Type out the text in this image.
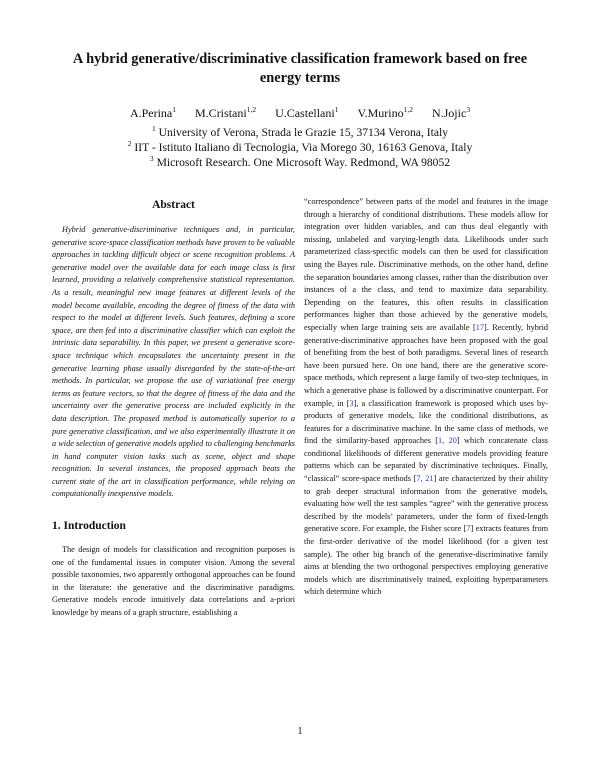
A hybrid generative/discriminative classification framework based on free energy terms
A.Perina$^1$ M.Cristani$^{1,2}$ U.Castellani$^1$ V.Murino$^{1,2}$ N.Jojic$^3$
$^1$ University of Verona, Strada le Grazie 15, 37134 Verona, Italy
$^2$ IIT - Istituto Italiano di Tecnologia, Via Morego 30, 16163 Genova, Italy
$^3$ Microsoft Research. One Microsoft Way. Redmond, WA 98052
Abstract

Hybrid generative-discriminative techniques and, in particular, generative score-space classification methods have proven to be valuable approaches in tackling difficult object or scene recognition problems. A generative model over the available data for each image class is first learned, providing a relatively comprehensive statistical representation. As a result, meaningful new image features at different levels of the model become available, encoding the degree of fitness of the data with respect to the model at different levels. Such features, defining a score space, are then fed into a discriminative classifier which can exploit the intrinsic data separability. In this paper, we present a generative score-space technique which encapsulates the uncertainty present in the generative learning phase usually disregarded by the state-of-the-art methods. In particular, we propose the use of variational free energy terms as feature vectors, so that the degree of fitness of the data and the uncertainty over the generative process are included explicitly in the data description. The proposed method is automatically superior to a pure generative classification, and we also experimentally illustrate it on a wide selection of generative models applied to challenging benchmarks in hand computer vision tasks such as scene, object and shape recognition. In several instances, the proposed approach beats the current state of the art in classification performance, while relying on computationally inexpensive models.

1. Introduction

The design of models for classification and recognition purposes is one of the fundamental issues in computer vision. Among the several possible taxonomies, two apparently orthogonal approaches can be found in the literature: the generative and the discriminative paradigms. Generative models encode intuitively data correlations and a-priori knowledge by means of a graph structure, establishing a

“correspondence” between parts of the model and features in the image through a hierarchy of conditional distributions. These models allow for integration over hidden variables, and can thus deal elegantly with missing, unlabeled and varying-length data. Likelihoods under such parameterized class-specific models can then be used for classification using the Bayes rule. Discriminative methods, on the other hand, define the separation boundaries among classes, rather than the distribution over instances of a the class, and tend to maximize data separability. Depending on the features, this often results in classification performances higher than those achieved by the generative models, especially when large training sets are available [17]. Recently, hybrid generative-discriminative approaches have been proposed with the goal of benefiting from the best of both paradigms. Several lines of research have been pursued here. On one hand, there are the generative score-space methods, which represent a large family of two-step techniques, in which a generative phase is followed by a discriminative counterpart. For example, in [3], a classification framework is proposed which uses by-products of generative models, like the conditional distributions, as features for a discriminative machine. In the same class of methods, we find the similarity-based approaches [1, 20] which concatenate class conditional likelihoods of different generative models providing feature patterns which can be separated by discriminative techniques. Finally, “classical” score-space methods [7, 21] are characterized by their ability to grab deeper structural information from the generative models, evaluating how well the test samples “agree” with the generative process described by the models’ parameters, under the form of fixed-length generative score. For example, the Fisher score [7] extracts features from the first-order derivative of the model likelihood (for a given test sample). The other big branch of the generative-discriminative family aims at blending the two orthogonal perspectives employing generative models which are discriminatively trained, exploiting hyperparameters which determine which

1
